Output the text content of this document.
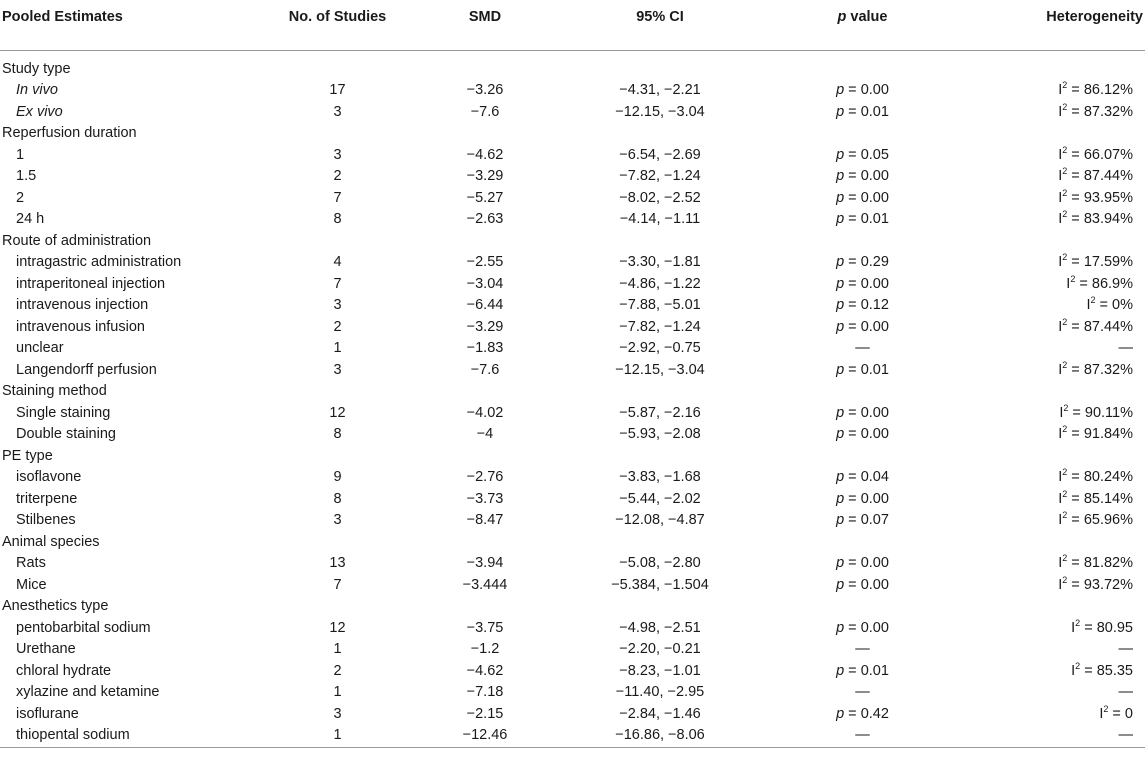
Pooled Estimates	No. of Studies	SMD	95% CI	p value	Heterogeneity

Study type					
In vivo	17	−3.26	−4.31, −2.21	p = 0.00	$I^2 = 86.12\%$
Ex vivo	3	−7.6	−12.15, −3.04	p = 0.01	$I^2 = 87.32\%$
Reperfusion duration					
1	3	−4.62	−6.54, −2.69	p = 0.05	$I^2 = 66.07\%$
1.5	2	−3.29	−7.82, −1.24	p = 0.00	$I^2 = 87.44\%$
2	7	−5.27	−8.02, −2.52	p = 0.00	$I^2 = 93.95\%$
24 h	8	−2.63	−4.14, −1.11	p = 0.01	$I^2 = 83.94\%$
Route of administration					
intragastric administration	4	−2.55	−3.30, −1.81	p = 0.29	$I^2 = 17.59\%$
intraperitoneal injection	7	−3.04	−4.86, −1.22	p = 0.00	$I^2 = 86.9\%$
intravenous injection	3	−6.44	−7.88, −5.01	p = 0.12	$I^2 = 0\%$
intravenous infusion	2	−3.29	−7.82, −1.24	p = 0.00	$I^2 = 87.44\%$
unclear	1	−1.83	−2.92, −0.75	—	—
Langendorff perfusion	3	−7.6	−12.15, −3.04	p = 0.01	$I^2 = 87.32\%$
Staining method					
Single staining	12	−4.02	−5.87, −2.16	p = 0.00	$I^2 = 90.11\%$
Double staining	8	−4	−5.93, −2.08	p = 0.00	$I^2 = 91.84\%$
PE type					
isoflavone	9	−2.76	−3.83, −1.68	p = 0.04	$I^2 = 80.24\%$
triterpene	8	−3.73	−5.44, −2.02	p = 0.00	$I^2 = 85.14\%$
Stilbenes	3	−8.47	−12.08, −4.87	p = 0.07	$I^2 = 65.96\%$
Animal species					
Rats	13	−3.94	−5.08, −2.80	p = 0.00	$I^2 = 81.82\%$
Mice	7	−3.444	−5.384, −1.504	p = 0.00	$I^2 = 93.72\%$
Anesthetics type					
pentobarbital sodium	12	−3.75	−4.98, −2.51	p = 0.00	$I^2 = 80.95$
Urethane	1	−1.2	−2.20, −0.21	—	—
chloral hydrate	2	−4.62	−8.23, −1.01	p = 0.01	$I^2 = 85.35$
xylazine and ketamine	1	−7.18	−11.40, −2.95	—	—
isoflurane	3	−2.15	−2.84, −1.46	p = 0.42	$I^2 = 0$
thiopental sodium	1	−12.46	−16.86, −8.06	—	—
